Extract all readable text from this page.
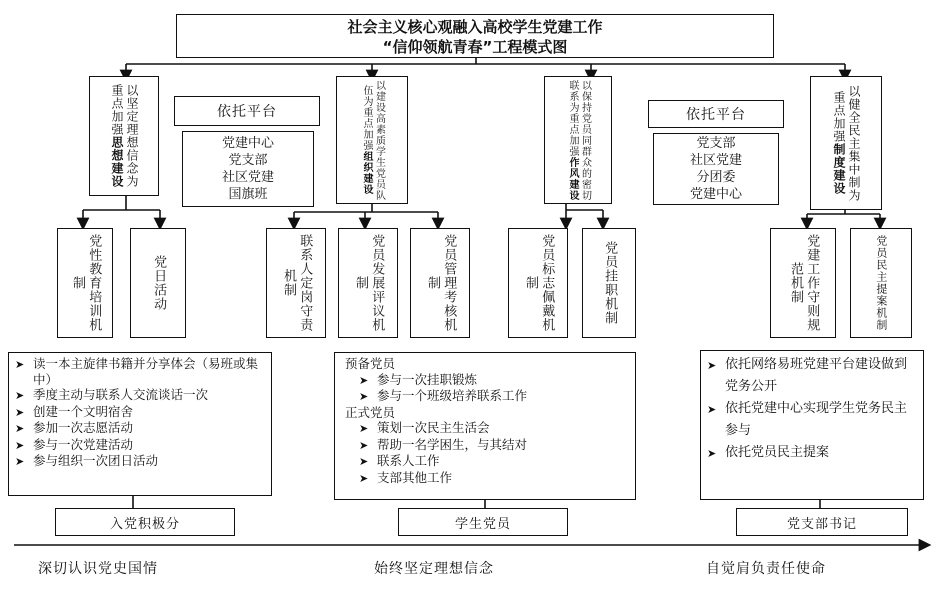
社会主义核心观融入高校学生党建工作
“信仰领航青春”工程模式图
以坚定理想信念为重点加强思想建设
依托平台
党建中心
党支部
社区党建
国旗班	以建设高素质学生党员队伍为重点加强组织建设	以保持党员同群众的密切联系为重点加强作风建设
依托平台
党支部
社区党建
分团委
党建中心	以健全民主集中制为重点加强制度建设
党性教育培训机制	党日活动	联系人定岗守责机制	党员发展评议机制	党员管理考核机制	党员标志佩戴机制	党员挂职机制	党建工作守则规范机制	党员民主提案机制
➤ 读一本主旋律书籍并分享体会（易班或集中）
➤ 季度主动与联系人交流谈话一次
➤ 创建一个文明宿舍
➤ 参加一次志愿活动
➤ 参与一次党建活动
➤ 参与组织一次团日活动
预备党员
➤ 参与一次挂职锻炼
➤ 参与一个班级培养联系工作
正式党员
➤ 策划一次民主生活会
➤ 帮助一名学困生，与其结对
➤ 联系人工作
➤ 支部其他工作
➤ 依托网络易班党建平台建设做到党务公开
➤ 依托党建中心实现学生党务民主参与
➤ 依托党员民主提案
入党积极分	学生党员	党支部书记
深切认识党史国情	始终坚定理想信念	自觉肩负责任使命
